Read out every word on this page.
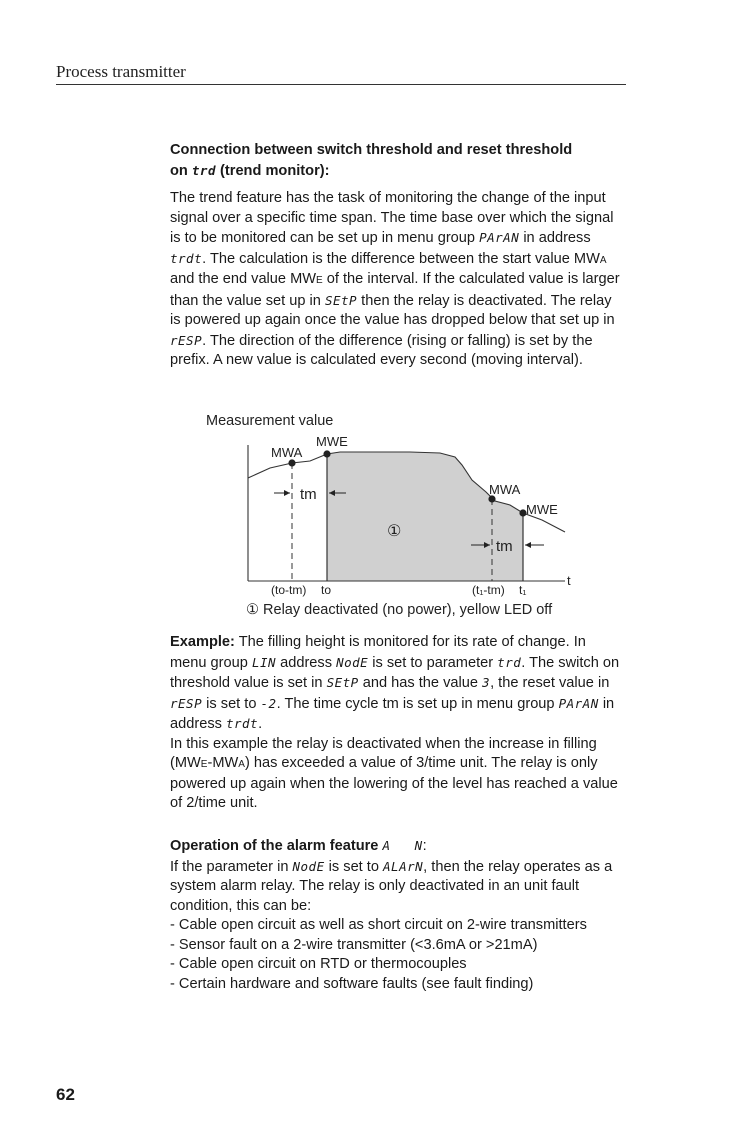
Process transmitter

Connection between switch threshold and reset threshold
on trd (trend monitor):

The trend feature has the task of monitoring the change of the input signal over a specific time span. The time base over which the signal is to be monitored can be set up in menu group PArAN in address trdt. The calculation is the difference between the start value MWA and the end value MWE of the interval. If the calculated value is larger than the value set up in SEtP then the relay is deactivated. The relay is powered up again once the value has dropped below that set up in rESP. The direction of the difference (rising or falling) is set by the prefix. A new value is calculated every second (moving interval).

Measurement value
MWA
MWE
MWA
MWE
tm
tm
①
t
(to-tm) to	(t₁-tm) t₁
① Relay deactivated (no power), yellow LED off

Example: The filling height is monitored for its rate of change. In menu group LIN address NodE is set to parameter trd. The switch on threshold value is set in SEtP and has the value 3, the reset value in rESP is set to -2. The time cycle tm is set up in menu group PArAN in address trdt.

In this example the relay is deactivated when the increase in filling (MWE-MWA) has exceeded a value of 3/time unit. The relay is only powered up again when the lowering of the level has reached a value of 2/time unit.

Operation of the alarm feature A   N:

If the parameter in NodE is set to ALArN, then the relay operates as a system alarm relay. The relay is only deactivated in an unit fault condition, this can be:

- Cable open circuit as well as short circuit on 2-wire transmitters

- Sensor fault on a 2-wire transmitter (<3.6mA or >21mA)

- Cable open circuit on RTD or thermocouples

- Certain hardware and software faults (see fault finding)

62
